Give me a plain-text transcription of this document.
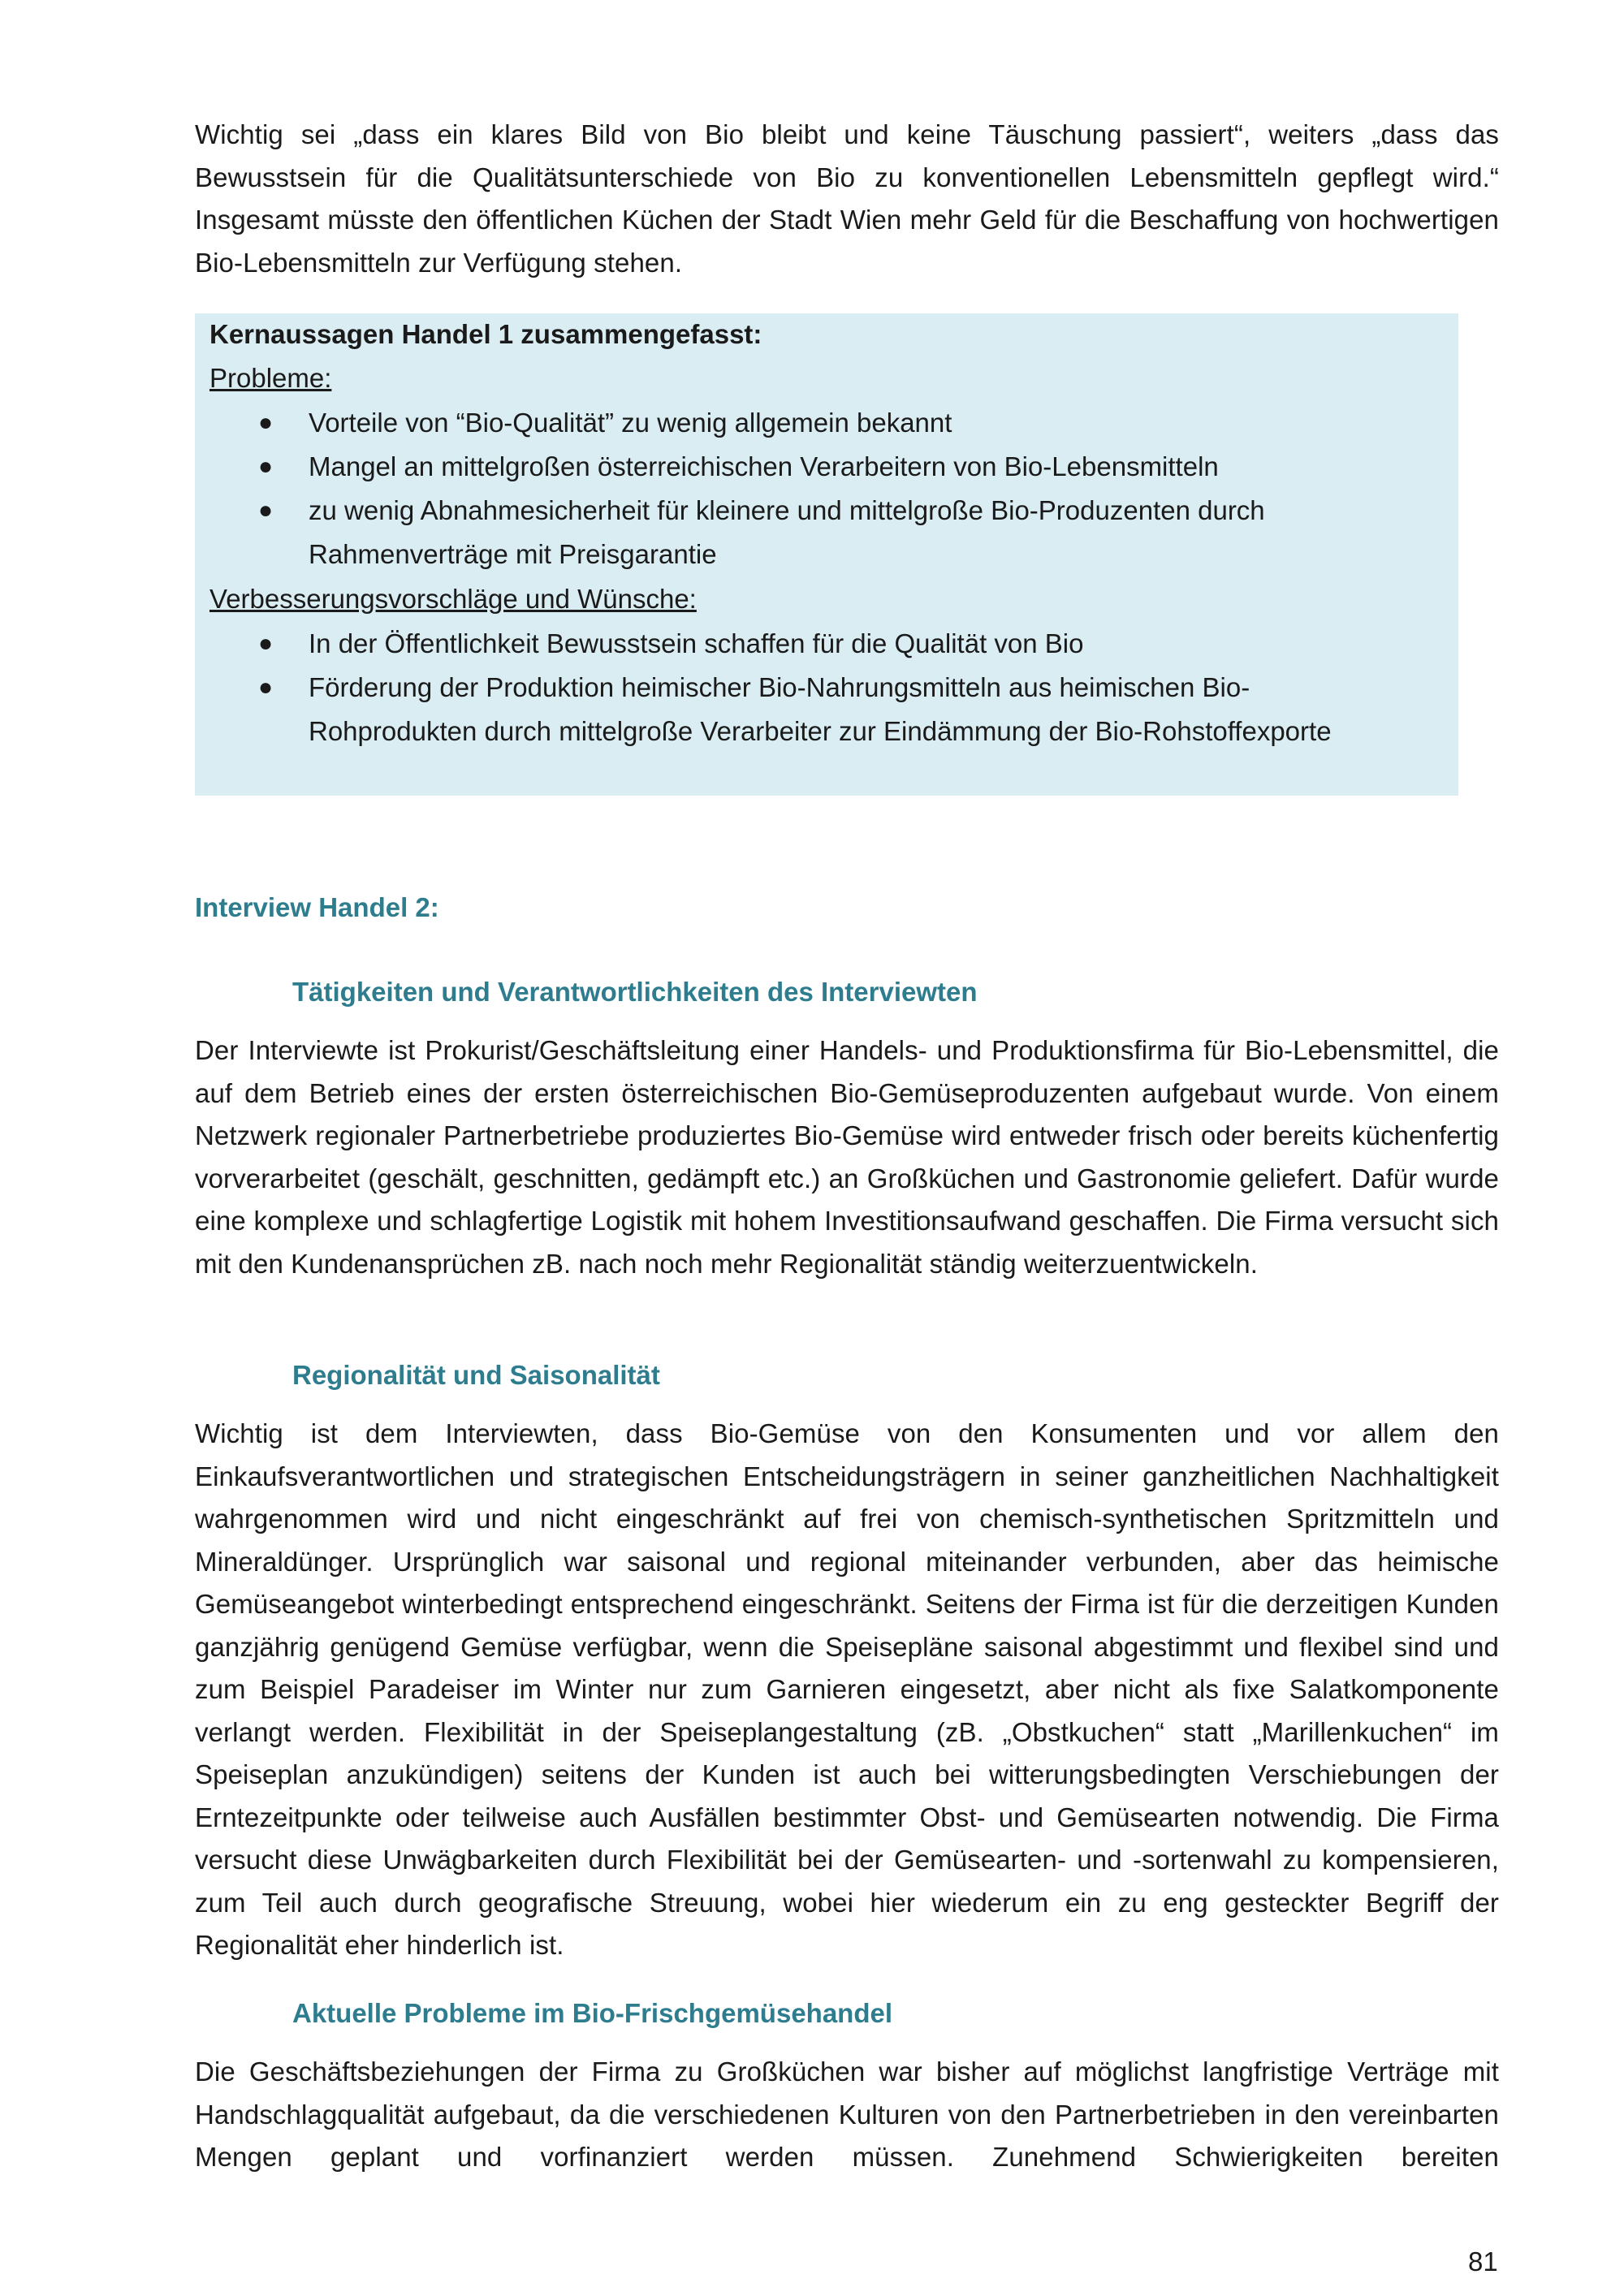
Wichtig sei „dass ein klares Bild von Bio bleibt und keine Täuschung passiert“, weiters „dass das Bewusstsein für die Qualitätsunterschiede von Bio zu konventionellen Lebensmitteln gepflegt wird.“ Insgesamt müsste den öffentlichen Küchen der Stadt Wien mehr Geld für die Beschaffung von hochwertigen Bio-Lebensmitteln zur Verfügung stehen.

Kernaussagen Handel 1 zusammengefasst:
Probleme:
● Vorteile von “Bio-Qualität” zu wenig allgemein bekannt
● Mangel an mittelgroßen österreichischen Verarbeitern von Bio-Lebensmitteln
● zu wenig Abnahmesicherheit für kleinere und mittelgroße Bio-Produzenten durch Rahmenverträge mit Preisgarantie
Verbesserungsvorschläge und Wünsche:
● In der Öffentlichkeit Bewusstsein schaffen für die Qualität von Bio
● Förderung der Produktion heimischer Bio-Nahrungsmitteln aus heimischen Bio-Rohprodukten durch mittelgroße Verarbeiter zur Eindämmung der Bio-Rohstoffexporte
Interview Handel 2:
Tätigkeiten und Verantwortlichkeiten des Interviewten

Der Interviewte ist Prokurist/Geschäftsleitung einer Handels- und Produktionsfirma für Bio-Lebensmittel, die auf dem Betrieb eines der ersten österreichischen Bio-Gemüseproduzenten aufgebaut wurde. Von einem Netzwerk regionaler Partnerbetriebe produziertes Bio-Gemüse wird entweder frisch oder bereits küchenfertig vorverarbeitet (geschält, geschnitten, gedämpft etc.) an Großküchen und Gastronomie geliefert. Dafür wurde eine komplexe und schlagfertige Logistik mit hohem Investitionsaufwand geschaffen. Die Firma versucht sich mit den Kundenansprüchen zB. nach noch mehr Regionalität ständig weiterzuentwickeln.

Regionalität und Saisonalität

Wichtig ist dem Interviewten, dass Bio-Gemüse von den Konsumenten und vor allem den Einkaufsverantwortlichen und strategischen Entscheidungsträgern in seiner ganzheitlichen Nachhaltigkeit wahrgenommen wird und nicht eingeschränkt auf frei von chemisch-synthetischen Spritzmitteln und Mineraldünger. Ursprünglich war saisonal und regional miteinander verbunden, aber das heimische Gemüseangebot winterbedingt entsprechend eingeschränkt. Seitens der Firma ist für die derzeitigen Kunden ganzjährig genügend Gemüse verfügbar, wenn die Speisepläne saisonal abgestimmt und flexibel sind und zum Beispiel Paradeiser im Winter nur zum Garnieren eingesetzt, aber nicht als fixe Salatkomponente verlangt werden. Flexibilität in der Speiseplangestaltung (zB. „Obstkuchen“ statt „Marillenkuchen“ im Speiseplan anzukündigen) seitens der Kunden ist auch bei witterungsbedingten Verschiebungen der Erntezeitpunkte oder teilweise auch Ausfällen bestimmter Obst- und Gemüsearten notwendig. Die Firma versucht diese Unwägbarkeiten durch Flexibilität bei der Gemüsearten- und -sortenwahl zu kompensieren, zum Teil auch durch geografische Streuung, wobei hier wiederum ein zu eng gesteckter Begriff der Regionalität eher hinderlich ist.

Aktuelle Probleme im Bio-Frischgemüsehandel

Die Geschäftsbeziehungen der Firma zu Großküchen war bisher auf möglichst langfristige Verträge mit Handschlagqualität aufgebaut, da die verschiedenen Kulturen von den Partnerbetrieben in den vereinbarten Mengen geplant und vorfinanziert werden müssen. Zunehmend Schwierigkeiten bereiten

81
